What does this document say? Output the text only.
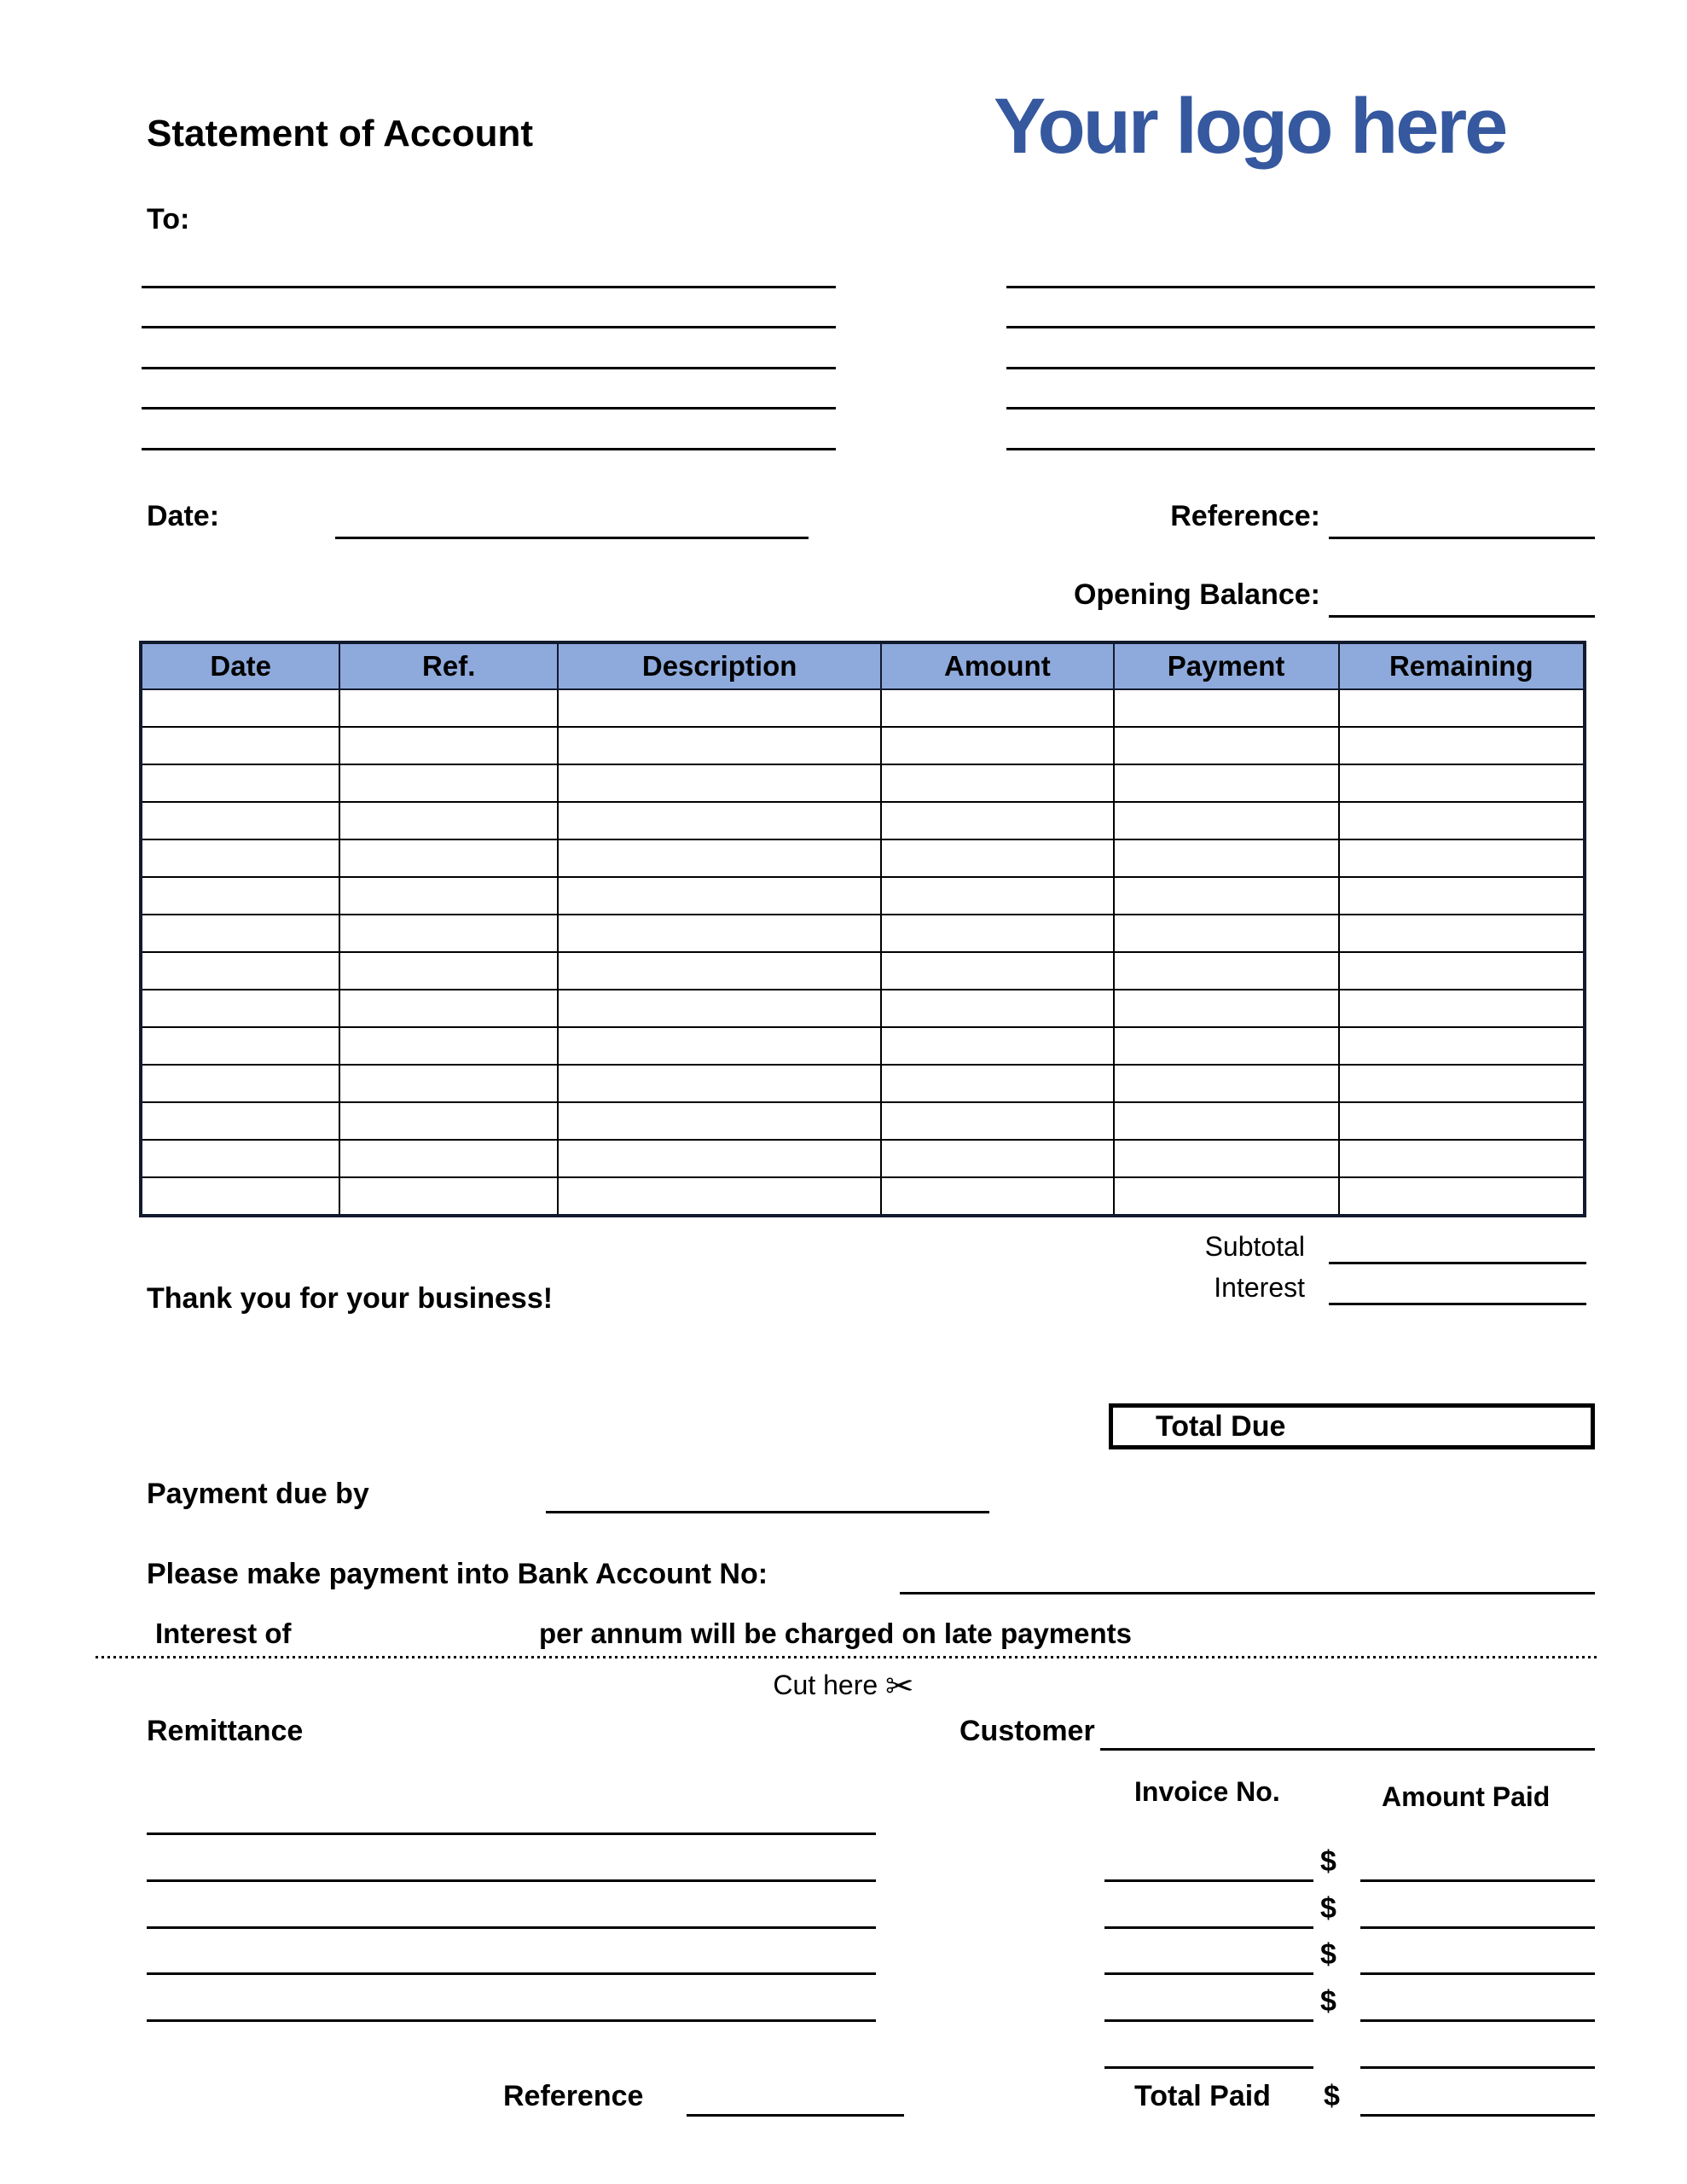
Statement of Account	Your logo here
To:
Date:	Reference:
Opening Balance:
Date	Ref.	Description	Amount	Payment	Remaining

Subtotal
Interest
Thank you for your business!
Total Due
Payment due by
Please make payment into Bank Account No:
Interest of	per annum will be charged on late payments
Cut here ✂
Remittance	Customer
Invoice No.	Amount Paid
$
$
$
$
Reference	Total Paid $
